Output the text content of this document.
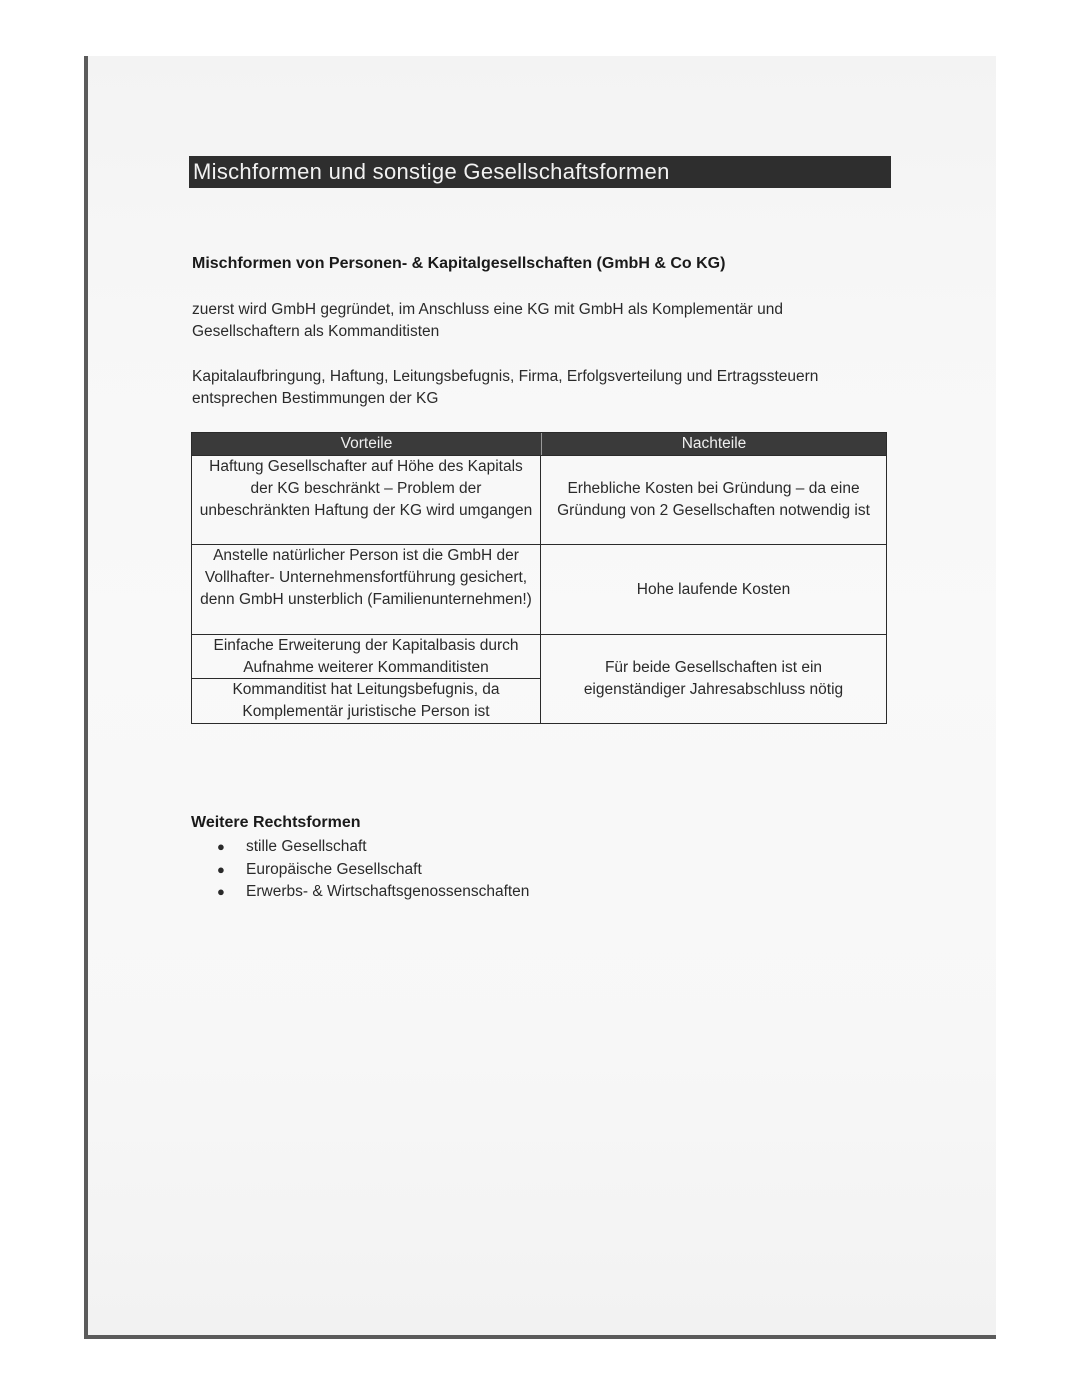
Mischformen und sonstige Gesellschaftsformen
Mischformen von Personen- & Kapitalgesellschaften (GmbH & Co KG)
zuerst wird GmbH gegründet, im Anschluss eine KG mit GmbH als Komplementär und Gesellschaftern als Kommanditisten
Kapitalaufbringung, Haftung, Leitungsbefugnis, Firma, Erfolgsverteilung und Ertragssteuern entsprechen Bestimmungen der KG
Vorteile	Nachteile
Haftung Gesellschafter auf Höhe des Kapitals der KG beschränkt – Problem der unbeschränkten Haftung der KG wird umgangen
Anstelle natürlicher Person ist die GmbH der Vollhafter- Unternehmensfortführung gesichert, denn GmbH unsterblich (Familienunternehmen!)
Einfache Erweiterung der Kapitalbasis durch Aufnahme weiterer Kommanditisten
Kommanditist hat Leitungsbefugnis, da Komplementär juristische Person ist
Erhebliche Kosten bei Gründung – da eine Gründung von 2 Gesellschaften notwendig ist
Hohe laufende Kosten
Für beide Gesellschaften ist ein eigenständiger Jahresabschluss nötig
Weitere Rechtsformen
● stille Gesellschaft
● Europäische Gesellschaft
● Erwerbs- & Wirtschaftsgenossenschaften
